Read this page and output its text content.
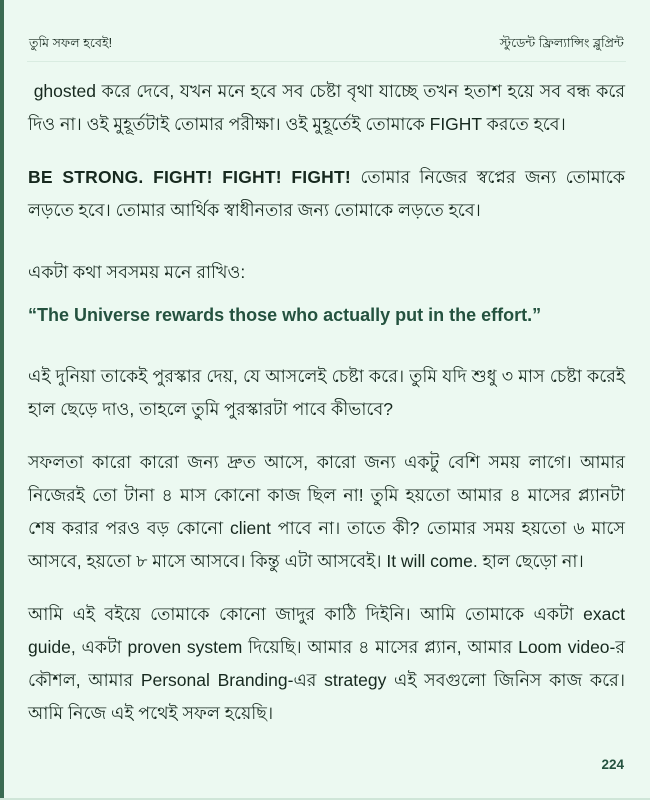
তুমি সফল হবেই!	স্টুডেন্ট ফ্রিল্যান্সিং ব্লুপ্রিন্ট

ghosted করে দেবে, যখন মনে হবে সব চেষ্টা বৃথা যাচ্ছে তখন হতাশ হয়ে সব বন্ধ করে দিও না। ওই মুহূর্তটাই তোমার পরীক্ষা। ওই মুহূর্তেই তোমাকে FIGHT করতে হবে।

BE STRONG. FIGHT! FIGHT! FIGHT! তোমার নিজের স্বপ্নের জন্য তোমাকে লড়তে হবে। তোমার আর্থিক স্বাধীনতার জন্য তোমাকে লড়তে হবে।

একটা কথা সবসময় মনে রাখিও:

“The Universe rewards those who actually put in the effort.”

এই দুনিয়া তাকেই পুরস্কার দেয়, যে আসলেই চেষ্টা করে। তুমি যদি শুধু ৩ মাস চেষ্টা করেই হাল ছেড়ে দাও, তাহলে তুমি পুরস্কারটা পাবে কীভাবে?

সফলতা কারো কারো জন্য দ্রুত আসে, কারো জন্য একটু বেশি সময় লাগে। আমার নিজেরই তো টানা ৪ মাস কোনো কাজ ছিল না! তুমি হয়তো আমার ৪ মাসের প্ল্যানটা শেষ করার পরও বড় কোনো client পাবে না। তাতে কী? তোমার সময় হয়তো ৬ মাসে আসবে, হয়তো ৮ মাসে আসবে। কিন্তু এটা আসবেই। It will come. হাল ছেড়ো না।

আমি এই বইয়ে তোমাকে কোনো জাদুর কাঠি দিইনি। আমি তোমাকে একটা exact guide, একটা proven system দিয়েছি। আমার ৪ মাসের প্ল্যান, আমার Loom video-র কৌশল, আমার Personal Branding-এর strategy এই সবগুলো জিনিস কাজ করে। আমি নিজে এই পথেই সফল হয়েছি।

224
